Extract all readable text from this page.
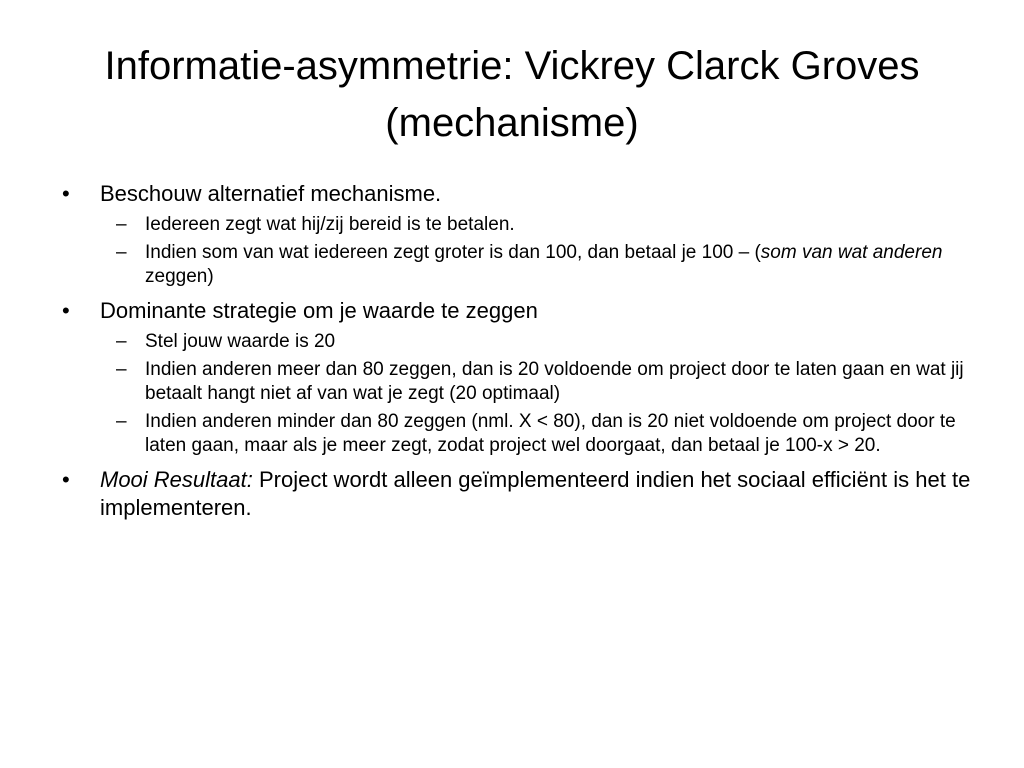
Informatie-asymmetrie: Vickrey Clarck Groves (mechanisme)
•	Beschouw alternatief mechanisme.
– Iedereen zegt wat hij/zij bereid is te betalen.
– Indien som van wat iedereen zegt groter is dan 100, dan betaal je 100 – (som van wat anderen zeggen)
•	Dominante strategie om je waarde te zeggen
– Stel jouw waarde is 20
– Indien anderen meer dan 80 zeggen, dan is 20 voldoende om project door te laten gaan en wat jij betaalt hangt niet af van wat je zegt (20 optimaal)
– Indien anderen minder dan 80 zeggen (nml. X < 80), dan is 20 niet voldoende om project door te laten gaan, maar als je meer zegt, zodat project wel doorgaat, dan betaal je 100-x > 20.
•	Mooi Resultaat: Project wordt alleen geïmplementeerd indien het sociaal efficiënt is het te implementeren.
